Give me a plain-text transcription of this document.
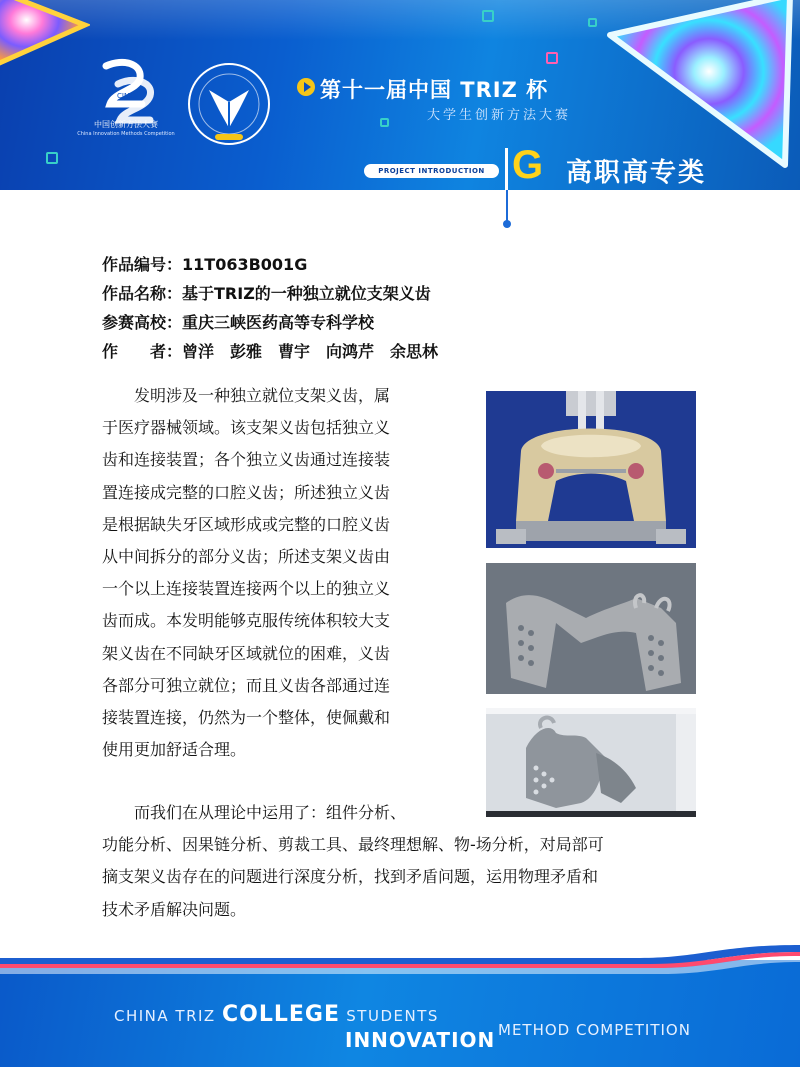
CIMC
中国创新方法大赛
China Innovation Methods Competition
第十一届中国 TRIZ 杯
大学生创新方法大赛
PROJECT INTRODUCTION G 高职高专类
作品编号：11T063B001G
作品名称：基于TRIZ的一种独立就位支架义齿
参赛高校：重庆三峡医药高等专科学校
作　　者：曾洋　彭雅　曹宇　向鸿芹　余思林
发明涉及一种独立就位支架义齿，属
于医疗器械领域。该支架义齿包括独立义
齿和连接装置；各个独立义齿通过连接装
置连接成完整的口腔义齿；所述独立义齿
是根据缺失牙区域形成或完整的口腔义齿
从中间拆分的部分义齿；所述支架义齿由
一个以上连接装置连接两个以上的独立义
齿而成。本发明能够克服传统体积较大支
架义齿在不同缺牙区域就位的困难，义齿
各部分可独立就位；而且义齿各部通过连
接装置连接，仍然为一个整体，使佩戴和
使用更加舒适合理。
而我们在从理论中运用了：组件分析、
功能分析、因果链分析、剪裁工具、最终理想解、物-场分析，对局部可
摘支架义齿存在的问题进行深度分析，找到矛盾问题，运用物理矛盾和
技术矛盾解决问题。
CHINA TRIZ COLLEGE STUDENTS
INNOVATION METHOD COMPETITION
